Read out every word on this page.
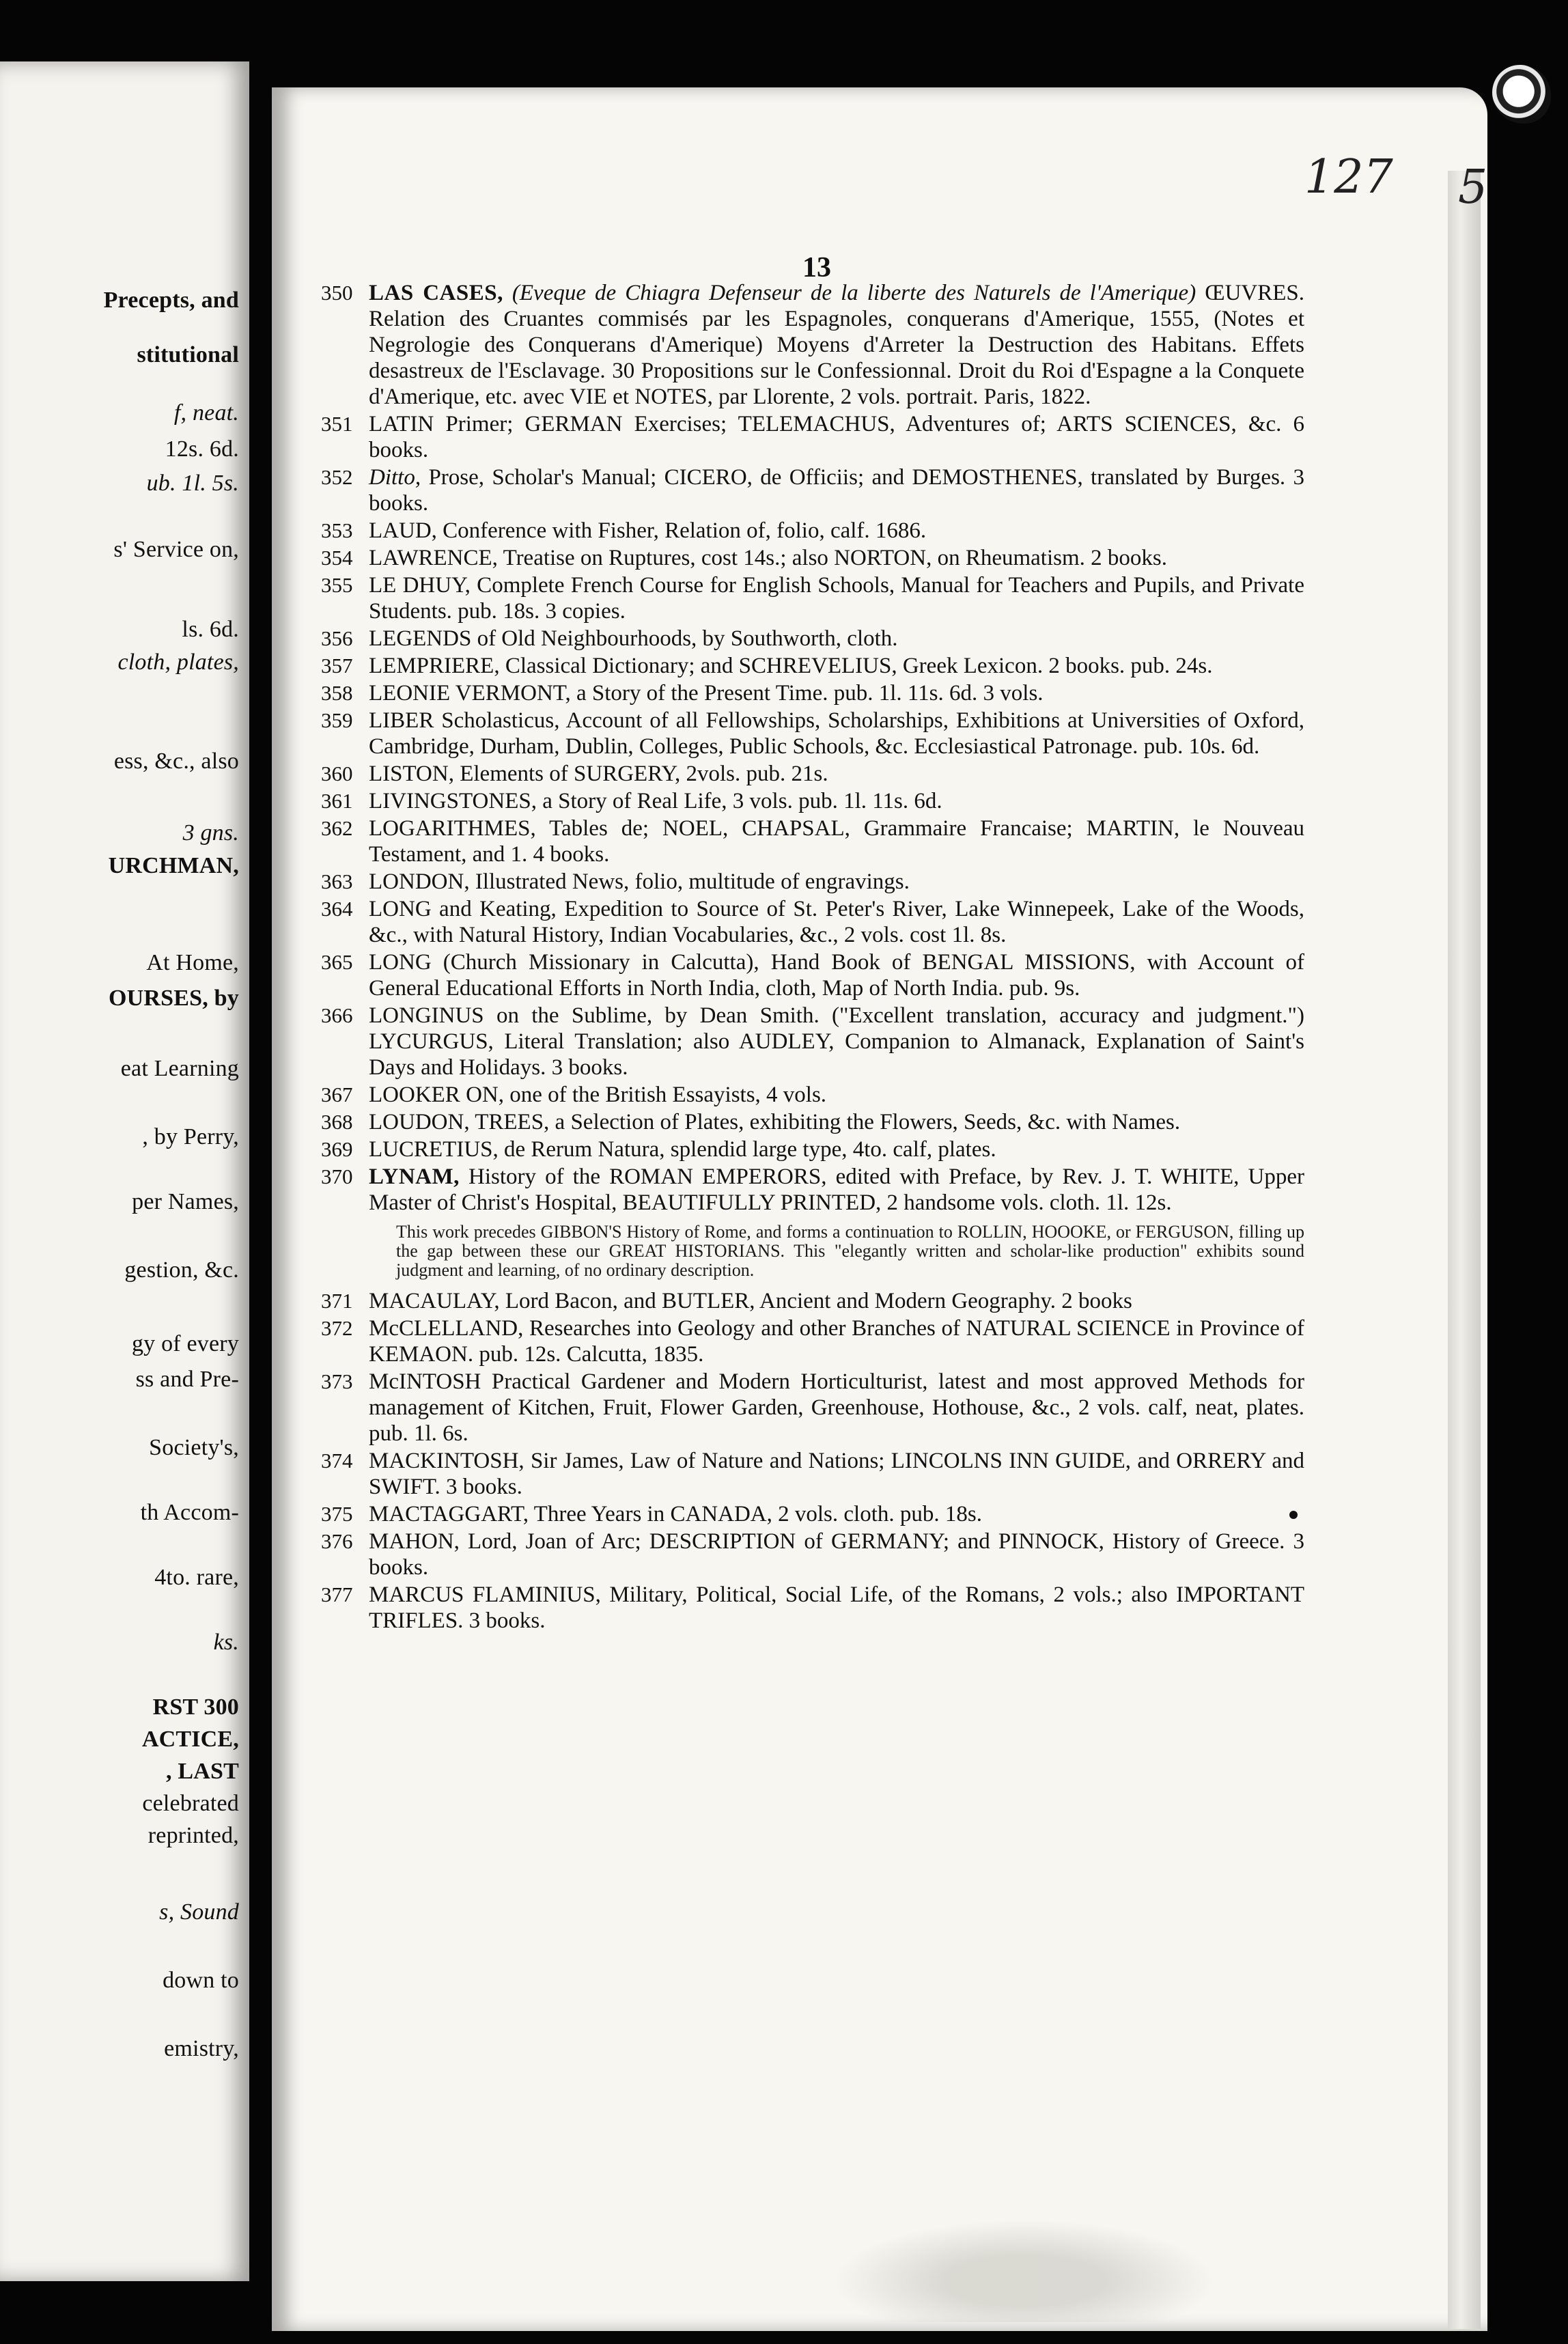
Precepts, and
stitutional
f, neat.
12s. 6d.
ub. 1l. 5s.
s' Service on,
ls. 6d.
cloth, plates,
ess, &c., also
3 gns.
URCHMAN,
At Home,
OURSES, by
eat Learning
, by Perry,
per Names,
gestion, &c.
gy of every
ss and Pre-
Society's,
th Accom-
4to. rare,
ks.
RST 300
ACTICE,
, LAST
celebrated
reprinted,
s, Sound
down to
emistry,
127 5
13
350 LAS CASES, (Eveque de Chiagra Defenseur de la liberte des Naturels de l'Amerique) ŒUVRES. Relation des Cruantes commisés par les Espagnoles, conquerans d'Amerique, 1555, (Notes et Negrologie des Conquerans d'Amerique) Moyens d'Arreter la Destruction des Habitans. Effets desastreux de l'Esclavage. 30 Propositions sur le Confessionnal. Droit du Roi d'Espagne a la Conquete d'Amerique, etc. avec VIE et NOTES, par Llorente, 2 vols. portrait. Paris, 1822.
351 LATIN Primer; GERMAN Exercises; TELEMACHUS, Adventures of; ARTS SCIENCES, &c. 6 books.
352 Ditto, Prose, Scholar's Manual; CICERO, de Officiis; and DEMOSTHENES, translated by Burges. 3 books.
353 LAUD, Conference with Fisher, Relation of, folio, calf. 1686.
354 LAWRENCE, Treatise on Ruptures, cost 14s.; also NORTON, on Rheumatism. 2 books.
355 LE DHUY, Complete French Course for English Schools, Manual for Teachers and Pupils, and Private Students. pub. 18s. 3 copies.
356 LEGENDS of Old Neighbourhoods, by Southworth, cloth.
357 LEMPRIERE, Classical Dictionary; and SCHREVELIUS, Greek Lexicon. 2 books. pub. 24s.
358 LEONIE VERMONT, a Story of the Present Time. pub. 1l. 11s. 6d. 3 vols.
359 LIBER Scholasticus, Account of all Fellowships, Scholarships, Exhibitions at Universities of Oxford, Cambridge, Durham, Dublin, Colleges, Public Schools, &c. Ecclesiastical Patronage. pub. 10s. 6d.
360 LISTON, Elements of SURGERY, 2vols. pub. 21s.
361 LIVINGSTONES, a Story of Real Life, 3 vols. pub. 1l. 11s. 6d.
362 LOGARITHMES, Tables de; NOEL, CHAPSAL, Grammaire Francaise; MARTIN, le Nouveau Testament, and 1. 4 books.
363 LONDON, Illustrated News, folio, multitude of engravings.
364 LONG and Keating, Expedition to Source of St. Peter's River, Lake Winnepeek, Lake of the Woods, &c., with Natural History, Indian Vocabularies, &c., 2 vols. cost 1l. 8s.
365 LONG (Church Missionary in Calcutta), Hand Book of BENGAL MISSIONS, with Account of General Educational Efforts in North India, cloth, Map of North India. pub. 9s.
366 LONGINUS on the Sublime, by Dean Smith. ("Excellent translation, accuracy and judgment.") LYCURGUS, Literal Translation; also AUDLEY, Companion to Almanack, Explanation of Saint's Days and Holidays. 3 books.
367 LOOKER ON, one of the British Essayists, 4 vols.
368 LOUDON, TREES, a Selection of Plates, exhibiting the Flowers, Seeds, &c. with Names.
369 LUCRETIUS, de Rerum Natura, splendid large type, 4to. calf, plates.
370 LYNAM, History of the ROMAN EMPERORS, edited with Preface, by Rev. J. T. WHITE, Upper Master of Christ's Hospital, BEAUTIFULLY PRINTED, 2 handsome vols. cloth. 1l. 12s.
This work precedes GIBBON'S History of Rome, and forms a continuation to ROLLIN, HOOOKE, or FERGUSON, filling up the gap between these our GREAT HISTORIANS. This "elegantly written and scholar-like production" exhibits sound judgment and learning, of no ordinary description.
371 MACAULAY, Lord Bacon, and BUTLER, Ancient and Modern Geography. 2 books
372 McCLELLAND, Researches into Geology and other Branches of NATURAL SCIENCE in Province of KEMAON. pub. 12s. Calcutta, 1835.
373 McINTOSH Practical Gardener and Modern Horticulturist, latest and most approved Methods for management of Kitchen, Fruit, Flower Garden, Greenhouse, Hothouse, &c., 2 vols. calf, neat, plates. pub. 1l. 6s.
374 MACKINTOSH, Sir James, Law of Nature and Nations; LINCOLNS INN GUIDE, and ORRERY and SWIFT. 3 books.
375 MACTAGGART, Three Years in CANADA, 2 vols. cloth. pub. 18s.
376 MAHON, Lord, Joan of Arc; DESCRIPTION of GERMANY; and PINNOCK, History of Greece. 3 books.
377 MARCUS FLAMINIUS, Military, Political, Social Life, of the Romans, 2 vols.; also IMPORTANT TRIFLES. 3 books.
